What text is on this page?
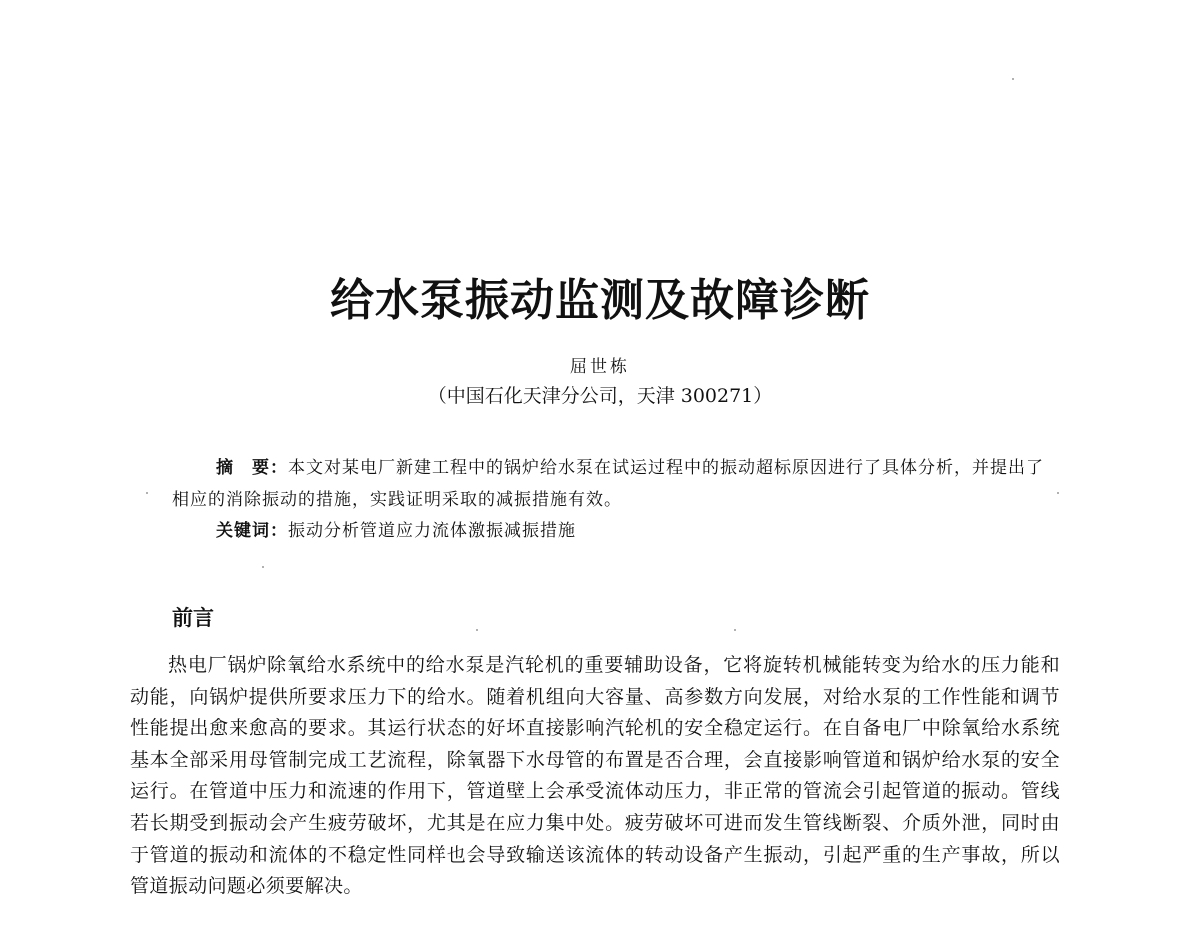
给水泵振动监测及故障诊断
屈世栋
（中国石化天津分公司，天津 300271）
摘　要：本文对某电厂新建工程中的锅炉给水泵在试运过程中的振动超标原因进行了具体分析，并提出了相应的消除振动的措施，实践证明采取的减振措施有效。
关键词：振动分析管道应力流体激振减振措施
前言

热电厂锅炉除氧给水系统中的给水泵是汽轮机的重要辅助设备，它将旋转机械能转变为给水的压力能和动能，向锅炉提供所要求压力下的给水。随着机组向大容量、高参数方向发展，对给水泵的工作性能和调节性能提出愈来愈高的要求。其运行状态的好坏直接影响汽轮机的安全稳定运行。在自备电厂中除氧给水系统基本全部采用母管制完成工艺流程，除氧器下水母管的布置是否合理，会直接影响管道和锅炉给水泵的安全运行。在管道中压力和流速的作用下，管道壁上会承受流体动压力，非正常的管流会引起管道的振动。管线若长期受到振动会产生疲劳破坏，尤其是在应力集中处。疲劳破坏可进而发生管线断裂、介质外泄，同时由于管道的振动和流体的不稳定性同样也会导致输送该流体的转动设备产生振动，引起严重的生产事故，所以管道振动问题必须要解决。
